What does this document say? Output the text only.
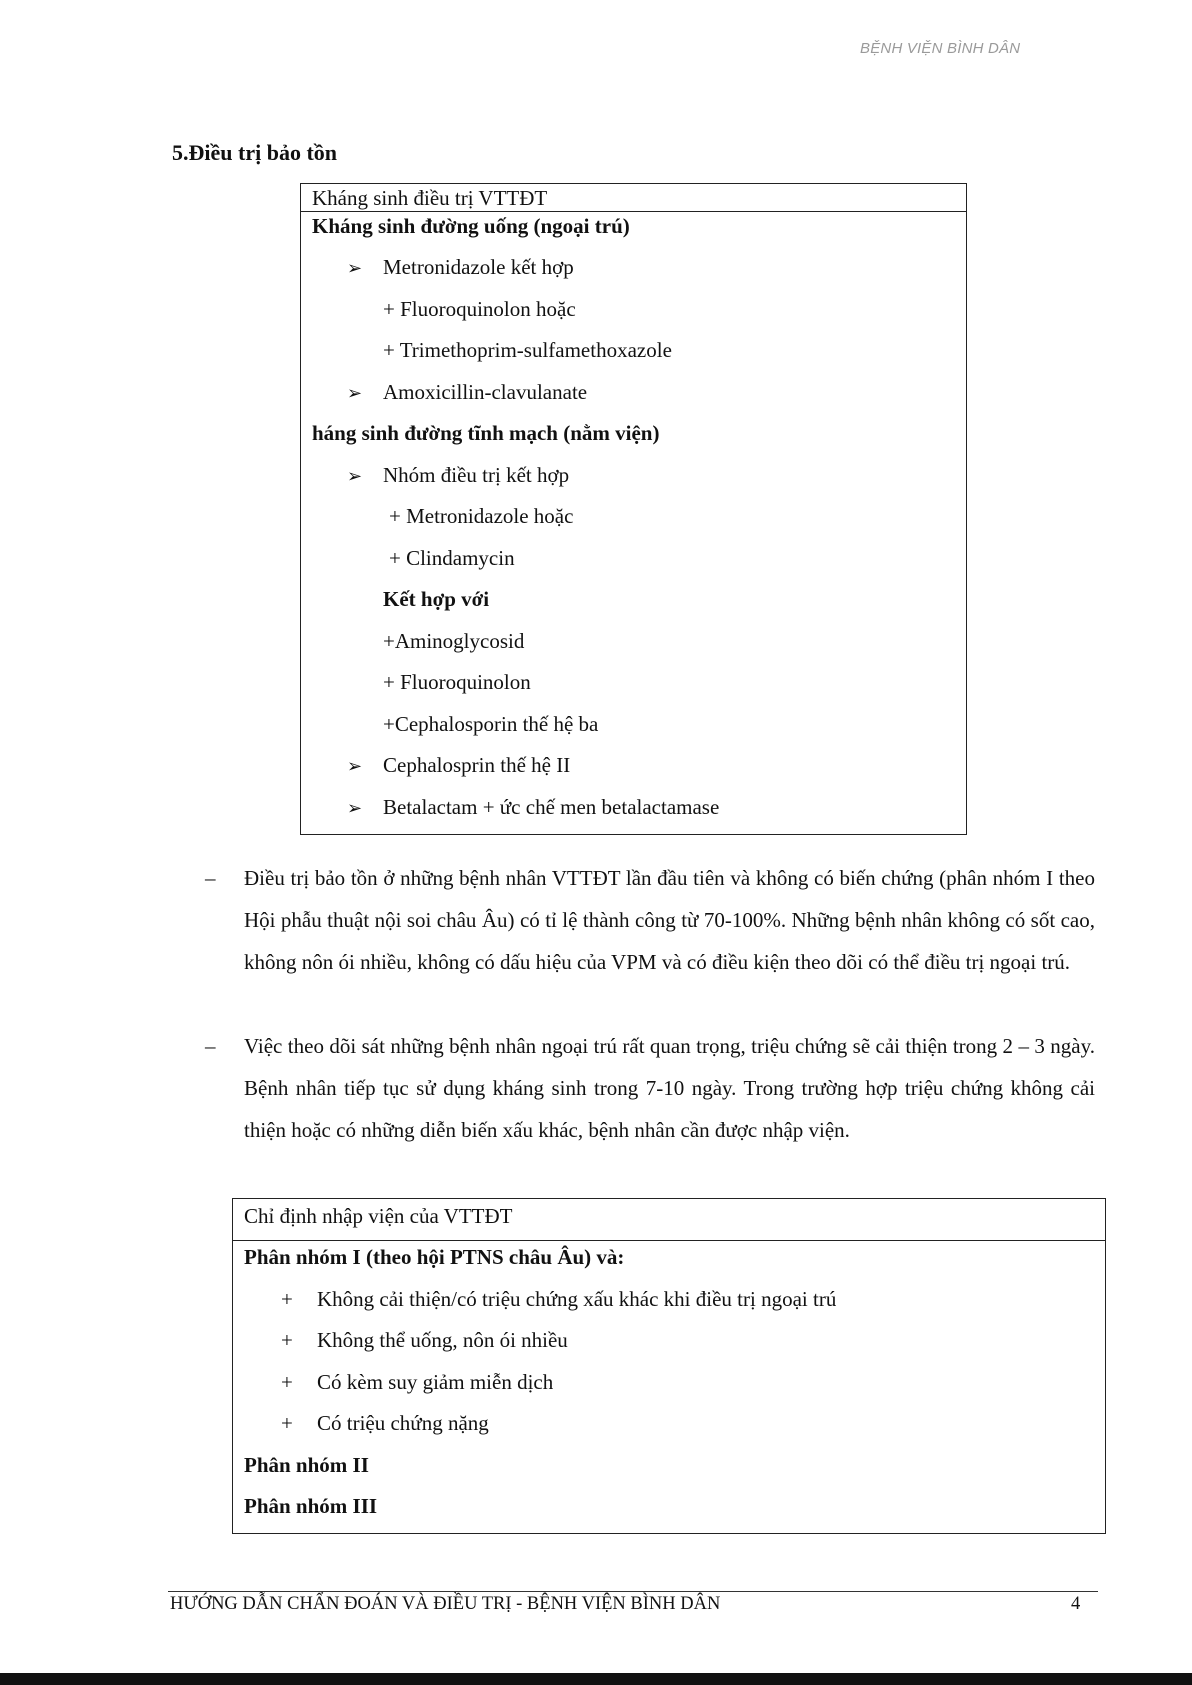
BỆNH VIỆN BÌNH DÂN
5.Điều trị bảo tồn
Kháng sinh điều trị VTTĐT
Kháng sinh đường uống (ngoại trú)
➢ Metronidazole kết hợp
+ Fluoroquinolon hoặc
+ Trimethoprim-sulfamethoxazole
➢ Amoxicillin-clavulanate
háng sinh đường tĩnh mạch (nằm viện)
➢ Nhóm điều trị kết hợp
+ Metronidazole hoặc
+ Clindamycin
Kết hợp với
+Aminoglycosid
+ Fluoroquinolon
+Cephalosporin thế hệ ba
➢ Cephalosprin thế hệ II
➢ Betalactam + ức chế men betalactamase
– Điều trị bảo tồn ở những bệnh nhân VTTĐT lần đầu tiên và không có biến chứng (phân nhóm I theo Hội phẫu thuật nội soi châu Âu) có tỉ lệ thành công từ 70-100%. Những bệnh nhân không có sốt cao, không nôn ói nhiều, không có dấu hiệu của VPM và có điều kiện theo dõi có thể điều trị ngoại trú.
– Việc theo dõi sát những bệnh nhân ngoại trú rất quan trọng, triệu chứng sẽ cải thiện trong 2 – 3 ngày. Bệnh nhân tiếp tục sử dụng kháng sinh trong 7-10 ngày. Trong trường hợp triệu chứng không cải thiện hoặc có những diễn biến xấu khác, bệnh nhân cần được nhập viện.
Chỉ định nhập viện của VTTĐT
Phân nhóm I (theo hội PTNS châu Âu) và:
+ Không cải thiện/có triệu chứng xấu khác khi điều trị ngoại trú
+ Không thể uống, nôn ói nhiều
+ Có kèm suy giảm miễn dịch
+ Có triệu chứng nặng
Phân nhóm II
Phân nhóm III
HƯỚNG DẪN CHẨN ĐOÁN VÀ ĐIỀU TRỊ - BỆNH VIỆN BÌNH DÂN	4
